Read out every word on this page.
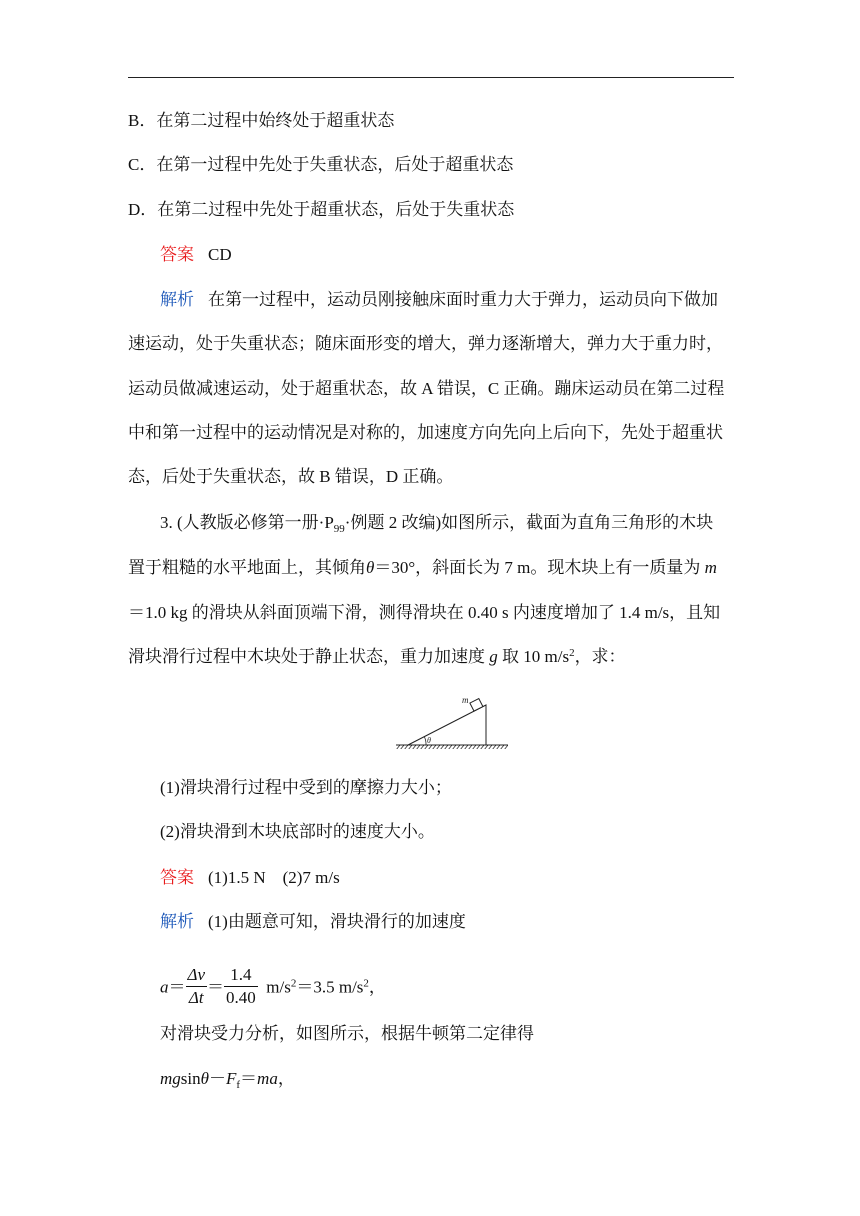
B．在第二过程中始终处于超重状态
C．在第一过程中先处于失重状态，后处于超重状态
D．在第二过程中先处于超重状态，后处于失重状态
答案 CD
解析 在第一过程中，运动员刚接触床面时重力大于弹力，运动员向下做加
速运动，处于失重状态；随床面形变的增大，弹力逐渐增大，弹力大于重力时，
运动员做减速运动，处于超重状态，故 A 错误，C 正确。蹦床运动员在第二过程
中和第一过程中的运动情况是对称的，加速度方向先向上后向下，先处于超重状
态，后处于失重状态，故 B 错误，D 正确。
3. (人教版必修第一册$\cdot P_{99}\cdot$例题 2 改编)如图所示，截面为直角三角形的木块
置于粗糙的水平地面上，其倾角θ＝30°，斜面长为 7 m。现木块上有一质量为 m
＝1.0 kg 的滑块从斜面顶端下滑，测得滑块在 0.40 s 内速度增加了 1.4 m/s，且知
滑块滑行过程中木块处于静止状态，重力加速度 g 取 10 $m/s^2$，求：
θ
m
(1)滑块滑行过程中受到的摩擦力大小；
(2)滑块滑到木块底部时的速度大小。
答案 (1)1.5 N　(2)7 m/s
解析 (1)由题意可知，滑块滑行的加速度
$a= \frac{\Delta v}{\Delta t} = \frac{1.4}{0.40} m/s^2=3.5$ $m/s^2$，
对滑块受力分析，如图所示，根据牛顿第二定律得
$mgsin\theta-F_f=ma$，
